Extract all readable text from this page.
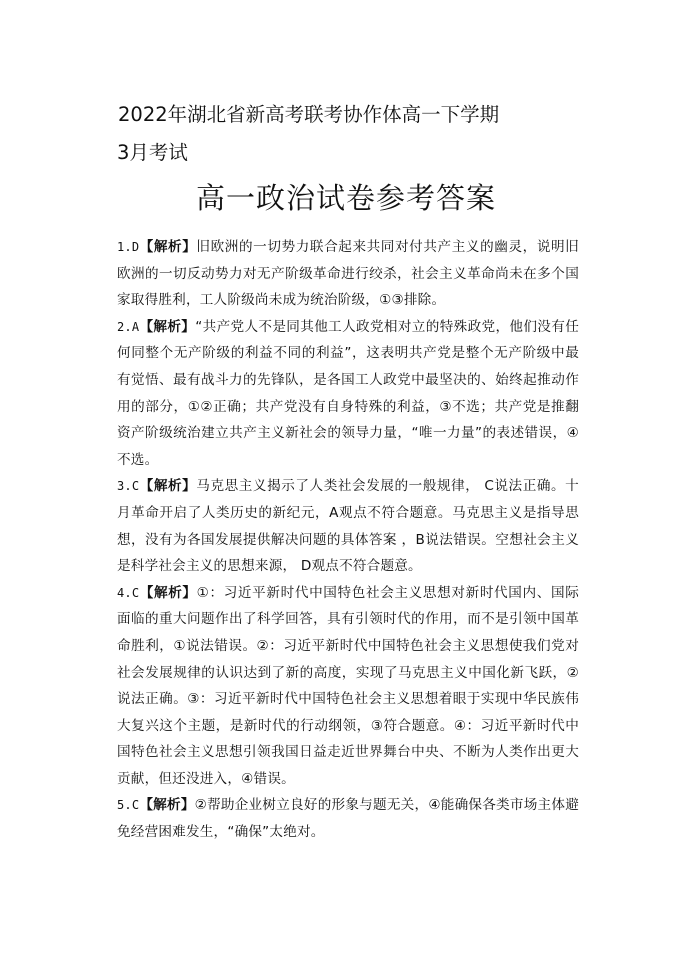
2022年湖北省新高考联考协作体高一下学期
3月考试
高一政治试卷参考答案
1.D【解析】旧欧洲的一切势力联合起来共同对付共产主义的幽灵，说明旧欧洲的一切反动势力对无产阶级革命进行绞杀，社会主义革命尚未在多个国家取得胜利，工人阶级尚未成为统治阶级，①③排除。
2.A【解析】“共产党人不是同其他工人政党相对立的特殊政党，他们没有任何同整个无产阶级的利益不同的利益”，这表明共产党是整个无产阶级中最有觉悟、最有战斗力的先锋队，是各国工人政党中最坚决的、始终起推动作用的部分，①②正确；共产党没有自身特殊的利益，③不选；共产党是推翻资产阶级统治建立共产主义新社会的领导力量，“唯一力量”的表述错误，④不选。
3.C【解析】马克思主义揭示了人类社会发展的一般规律， C说法正确。十月革命开启了人类历史的新纪元，A观点不符合题意。马克思主义是指导思想，没有为各国发展提供解决问题的具体答案 ，B说法错误。空想社会主义是科学社会主义的思想来源， D观点不符合题意。
4.C【解析】①：习近平新时代中国特色社会主义思想对新时代国内、国际面临的重大问题作出了科学回答，具有引领时代的作用，而不是引领中国革命胜利，①说法错误。②：习近平新时代中国特色社会主义思想使我们党对社会发展规律的认识达到了新的高度，实现了马克思主义中国化新飞跃，②说法正确。③：习近平新时代中国特色社会主义思想着眼于实现中华民族伟大复兴这个主题，是新时代的行动纲领，③符合题意。④：习近平新时代中国特色社会主义思想引领我国日益走近世界舞台中央、不断为人类作出更大贡献，但还没进入，④错误。
5.C【解析】②帮助企业树立良好的形象与题无关，④能确保各类市场主体避免经营困难发生，“确保”太绝对。
